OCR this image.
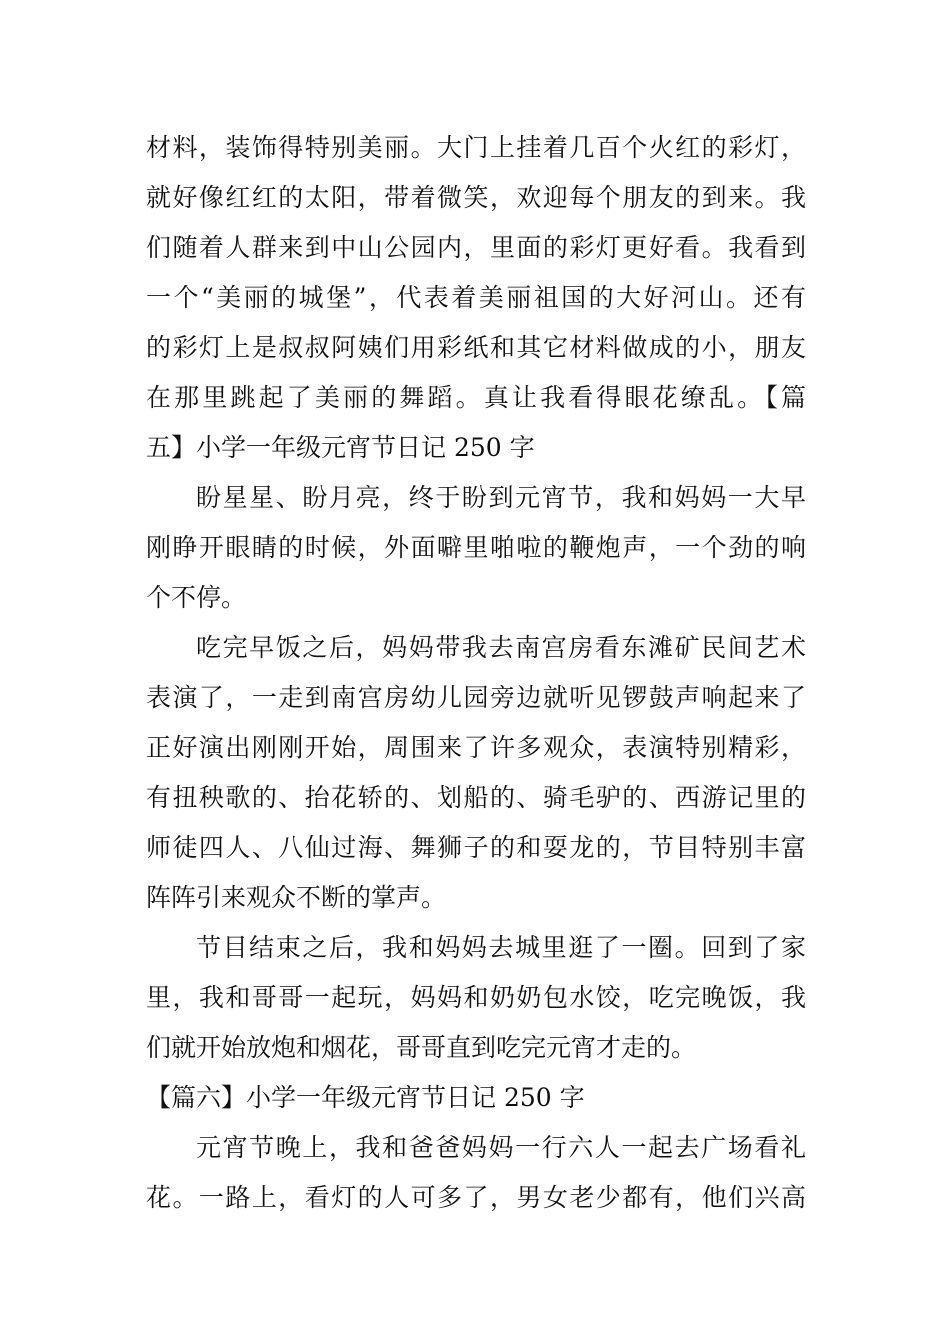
材料，装饰得特别美丽。大门上挂着几百个火红的彩灯，
就好像红红的太阳，带着微笑，欢迎每个朋友的到来。我
们随着人群来到中山公园内，里面的彩灯更好看。我看到
一个“美丽的城堡”，代表着美丽祖国的大好河山。还有
的彩灯上是叔叔阿姨们用彩纸和其它材料做成的小，朋友
在那里跳起了美丽的舞蹈。真让我看得眼花缭乱。【篇
五】小学一年级元宵节日记 250 字
盼星星、盼月亮，终于盼到元宵节，我和妈妈一大早
刚睁开眼睛的时候，外面噼里啪啦的鞭炮声，一个劲的响
个不停。
吃完早饭之后，妈妈带我去南宫房看东滩矿民间艺术
表演了，一走到南宫房幼儿园旁边就听见锣鼓声响起来了
正好演出刚刚开始，周围来了许多观众，表演特别精彩，
有扭秧歌的、抬花轿的、划船的、骑毛驴的、西游记里的
师徒四人、八仙过海、舞狮子的和耍龙的，节目特别丰富
阵阵引来观众不断的掌声。
节目结束之后，我和妈妈去城里逛了一圈。回到了家
里，我和哥哥一起玩，妈妈和奶奶包水饺，吃完晚饭，我
们就开始放炮和烟花，哥哥直到吃完元宵才走的。
【篇六】小学一年级元宵节日记 250 字
元宵节晚上，我和爸爸妈妈一行六人一起去广场看礼
花。一路上，看灯的人可多了，男女老少都有，他们兴高
